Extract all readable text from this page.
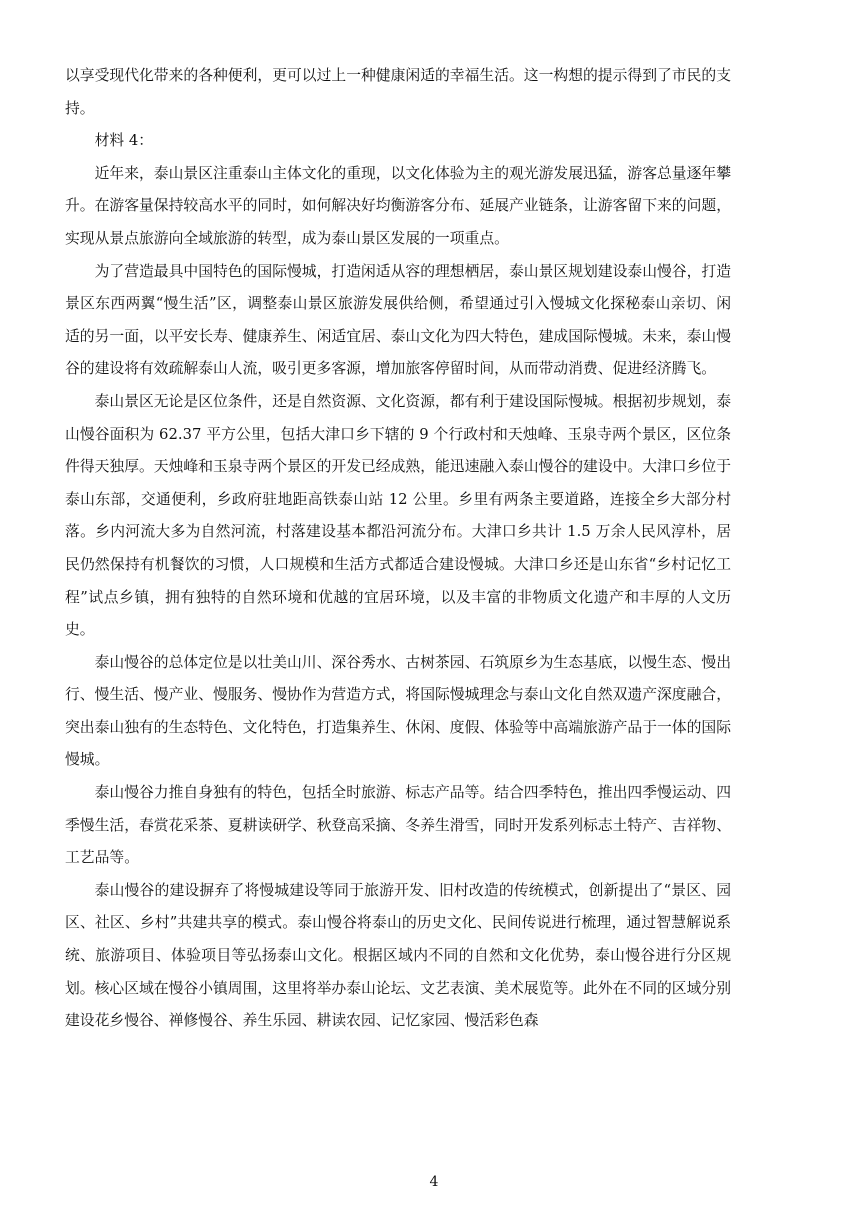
以享受现代化带来的各种便利，更可以过上一种健康闲适的幸福生活。这一构想的提示得到了市民的支持。

材料 4：

近年来，泰山景区注重泰山主体文化的重现，以文化体验为主的观光游发展迅猛，游客总量逐年攀升。在游客量保持较高水平的同时，如何解决好均衡游客分布、延展产业链条，让游客留下来的问题，实现从景点旅游向全域旅游的转型，成为泰山景区发展的一项重点。

为了营造最具中国特色的国际慢城，打造闲适从容的理想栖居，泰山景区规划建设泰山慢谷，打造景区东西两翼“慢生活”区，调整泰山景区旅游发展供给侧，希望通过引入慢城文化探秘泰山亲切、闲适的另一面，以平安长寿、健康养生、闲适宜居、泰山文化为四大特色，建成国际慢城。未来，泰山慢谷的建设将有效疏解泰山人流，吸引更多客源，增加旅客停留时间，从而带动消费、促进经济腾飞。

泰山景区无论是区位条件，还是自然资源、文化资源，都有利于建设国际慢城。根据初步规划，泰山慢谷面积为 62.37 平方公里，包括大津口乡下辖的 9 个行政村和天烛峰、玉泉寺两个景区，区位条件得天独厚。天烛峰和玉泉寺两个景区的开发已经成熟，能迅速融入泰山慢谷的建设中。大津口乡位于泰山东部，交通便利，乡政府驻地距高铁泰山站 12 公里。乡里有两条主要道路，连接全乡大部分村落。乡内河流大多为自然河流，村落建设基本都沿河流分布。大津口乡共计 1.5 万余人民风淳朴，居民仍然保持有机餐饮的习惯，人口规模和生活方式都适合建设慢城。大津口乡还是山东省“乡村记忆工程”试点乡镇，拥有独特的自然环境和优越的宜居环境，以及丰富的非物质文化遗产和丰厚的人文历史。

泰山慢谷的总体定位是以壮美山川、深谷秀水、古树茶园、石筑原乡为生态基底，以慢生态、慢出行、慢生活、慢产业、慢服务、慢协作为营造方式，将国际慢城理念与泰山文化自然双遗产深度融合，突出泰山独有的生态特色、文化特色，打造集养生、休闲、度假、体验等中高端旅游产品于一体的国际慢城。

泰山慢谷力推自身独有的特色，包括全时旅游、标志产品等。结合四季特色，推出四季慢运动、四季慢生活，春赏花采茶、夏耕读研学、秋登高采摘、冬养生滑雪，同时开发系列标志土特产、吉祥物、工艺品等。

泰山慢谷的建设摒弃了将慢城建设等同于旅游开发、旧村改造的传统模式，创新提出了“景区、园区、社区、乡村”共建共享的模式。泰山慢谷将泰山的历史文化、民间传说进行梳理，通过智慧解说系统、旅游项目、体验项目等弘扬泰山文化。根据区域内不同的自然和文化优势，泰山慢谷进行分区规划。核心区域在慢谷小镇周围，这里将举办泰山论坛、文艺表演、美术展览等。此外在不同的区域分别建设花乡慢谷、禅修慢谷、养生乐园、耕读农园、记忆家园、慢活彩色森

4
